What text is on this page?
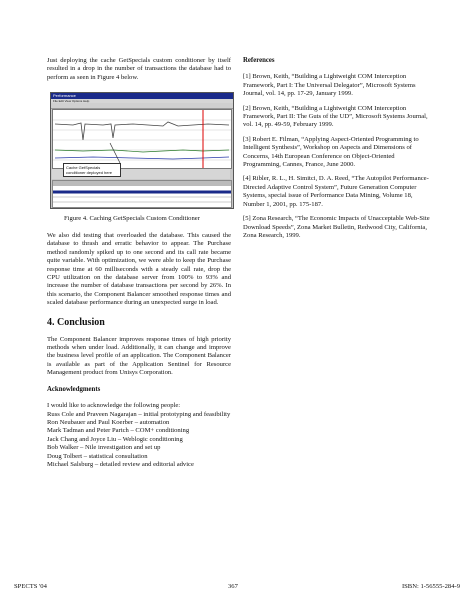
Just deploying the cache GetSpecials custom conditioner by itself resulted in a drop in the number of transactions the database had to perform as seen in Figure 4 below.

Performance
File Edit View Options Help
Cache GetSpecials conditioner deployed here
Figure 4. Caching GetSpecials Custom Conditioner

We also did testing that overloaded the database. This caused the database to thrash and erratic behavior to appear. The Purchase method randomly spiked up to one second and its call rate became quite variable. With optimization, we were able to keep the Purchase response time at 60 milliseconds with a steady call rate, drop the CPU utilization on the database server from 100% to 93% and increase the number of database transactions per second by 26%. In this scenario, the Component Balancer smoothed response times and scaled database performance during an unexpected surge in load.

4. Conclusion

The Component Balancer improves response times of high priority methods when under load. Additionally, it can change and improve the business level profile of an application. The Component Balancer is available as part of the Application Sentinel for Resource Management product from Unisys Corporation.

Acknowledgments

I would like to acknowledge the following people:

Russ Cole and Praveen Nagarajan – initial prototyping and feasibility

Ron Neubauer and Paul Koerber – automation

Mark Tadman and Peter Partch – COM+ conditioning

Jack Chang and Joyce Liu – Weblogic conditioning

Bob Walker – Nile investigation and set up

Doug Tolbert – statistical consultation

Michael Salsburg – detailed review and editorial advice

References

[1] Brown, Keith, “Building a Lightweight COM Interception Framework, Part I: The Universal Delegator”, Microsoft Systems Journal, vol. 14, pp. 17-29, January 1999.

[2] Brown, Keith, “Building a Lightweight COM Interception Framework, Part II: The Guts of the UD”, Microsoft Systems Journal, vol. 14, pp. 49-59, February 1999.

[3] Robert E. Filman, “Applying Aspect-Oriented Programming to Intelligent Synthesis”, Workshop on Aspects and Dimensions of Concerns, 14th European Conference on Object-Oriented Programming, Cannes, France, June 2000.

[4] Ribler, R. L., H. Simitci, D. A. Reed, “The Autopilot Performance-Directed Adaptive Control System”, Future Generation Computer Systems, special issue of Performance Data Mining, Volume 18, Number 1, 2001, pp. 175-187.

[5] Zona Research, “The Economic Impacts of Unacceptable Web-Site Download Speeds”, Zona Market Bulletin, Redwood City, California, Zona Research, 1999.

SPECTS '04	367	ISBN: 1-56555-284-9
